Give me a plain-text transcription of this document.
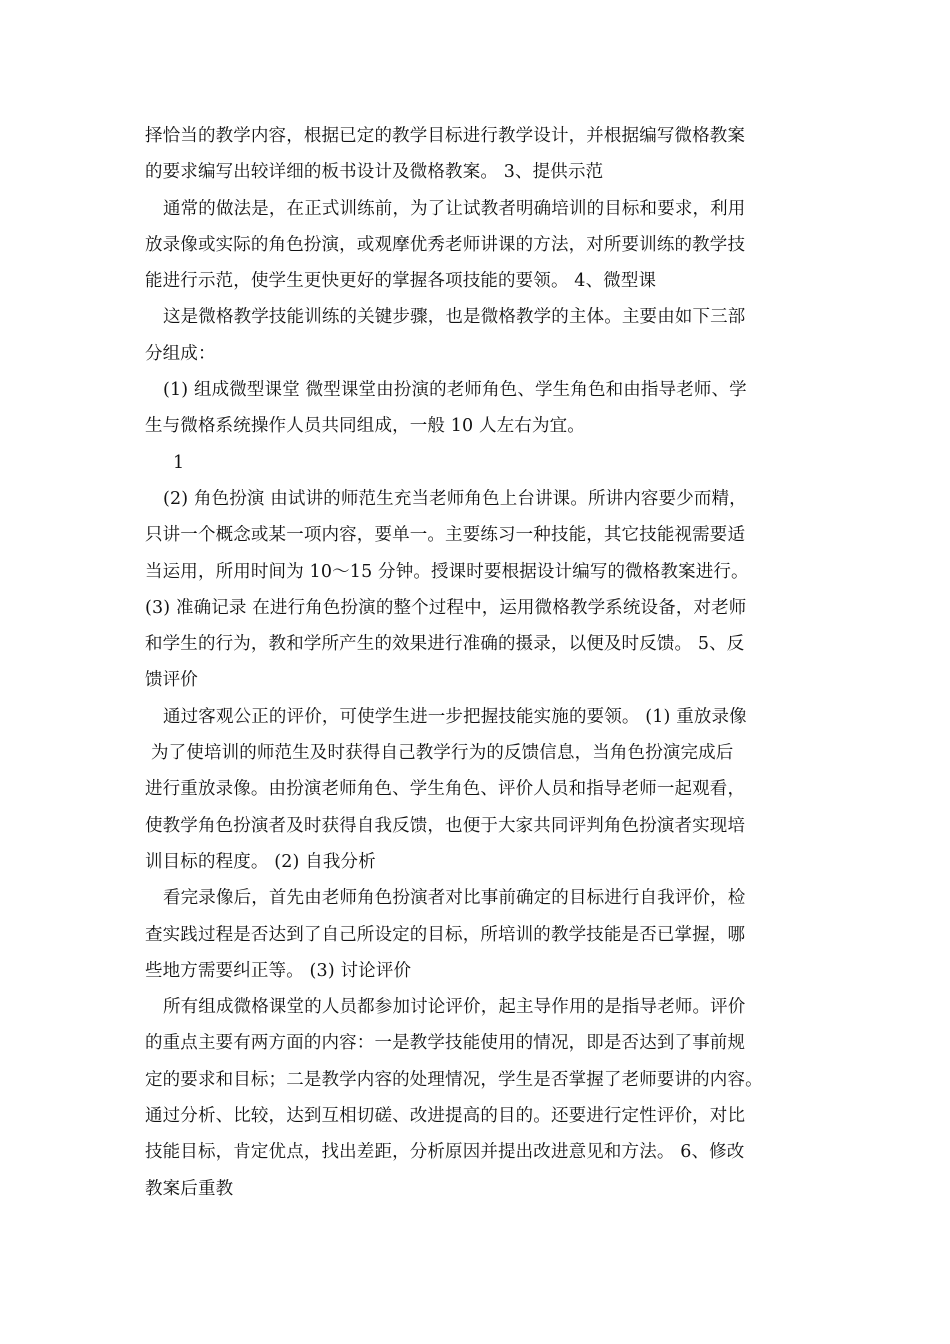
择恰当的教学内容，根据已定的教学目标进行教学设计，并根据编写微格教案
的要求编写出较详细的板书设计及微格教案。 3、提供示范
通常的做法是，在正式训练前，为了让试教者明确培训的目标和要求，利用
放录像或实际的角色扮演，或观摩优秀老师讲课的方法，对所要训练的教学技
能进行示范，使学生更快更好的掌握各项技能的要领。 4、微型课
这是微格教学技能训练的关键步骤，也是微格教学的主体。主要由如下三部
分组成：
(1) 组成微型课堂 微型课堂由扮演的老师角色、学生角色和由指导老师、学
生与微格系统操作人员共同组成，一般 10 人左右为宜。
1
(2) 角色扮演 由试讲的师范生充当老师角色上台讲课。所讲内容要少而精，
只讲一个概念或某一项内容，要单一。主要练习一种技能，其它技能视需要适
当运用，所用时间为 10～15 分钟。授课时要根据设计编写的微格教案进行。
(3) 准确记录 在进行角色扮演的整个过程中，运用微格教学系统设备，对老师
和学生的行为，教和学所产生的效果进行准确的摄录，以便及时反馈。 5、反
馈评价
通过客观公正的评价，可使学生进一步把握技能实施的要领。 (1) 重放录像
为了使培训的师范生及时获得自己教学行为的反馈信息，当角色扮演完成后
进行重放录像。由扮演老师角色、学生角色、评价人员和指导老师一起观看，
使教学角色扮演者及时获得自我反馈，也便于大家共同评判角色扮演者实现培
训目标的程度。 (2) 自我分析
看完录像后，首先由老师角色扮演者对比事前确定的目标进行自我评价，检
查实践过程是否达到了自己所设定的目标，所培训的教学技能是否已掌握，哪
些地方需要纠正等。 (3) 讨论评价
所有组成微格课堂的人员都参加讨论评价，起主导作用的是指导老师。评价
的重点主要有两方面的内容：一是教学技能使用的情况，即是否达到了事前规
定的要求和目标；二是教学内容的处理情况，学生是否掌握了老师要讲的内容。
通过分析、比较，达到互相切磋、改进提高的目的。还要进行定性评价，对比
技能目标，肯定优点，找出差距，分析原因并提出改进意见和方法。 6、修改
教案后重教
